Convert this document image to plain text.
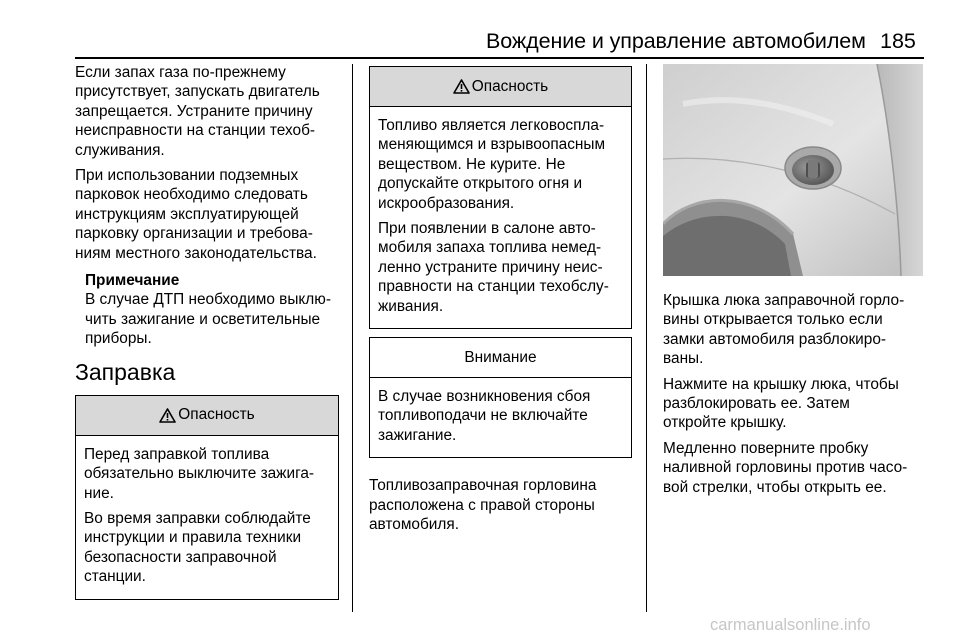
Вождение и управление автомобилем 185

Если запах газа по-прежнему
присутствует, запускать двигатель
запрещается. Устраните причину
неисправности на станции техоб-
служивания.

При использовании подземных
парковок необходимо следовать
инструкциям эксплуатирующей
парковку организации и требова-
ниям местного законодательства.

Примечание

В случае ДТП необходимо выклю-
чить зажигание и осветительные
приборы.

Заправка
Опасность

Перед заправкой топлива
обязательно выключите зажига-
ние.

Во время заправки соблюдайте
инструкции и правила техники
безопасности заправочной
станции.

Опасность

Топливо является легковоспла-
меняющимся и взрывоопасным
веществом. Не курите. Не
допускайте открытого огня и
искрообразования.

При появлении в салоне авто-
мобиля запаха топлива немед-
ленно устраните причину неис-
правности на станции техобслу-
живания.

Внимание

В случае возникновения сбоя
топливоподачи не включайте
зажигание.

Топливозаправочная горловина
расположена с правой стороны
автомобиля.

Крышка люка заправочной горло-
вины открывается только если
замки автомобиля разблокиро-
ваны.

Нажмите на крышку люка, чтобы
разблокировать ее. Затем
откройте крышку.

Медленно поверните пробку
наливной горловины против часо-
вой стрелки, чтобы открыть ее.

carmanualsonline.info
